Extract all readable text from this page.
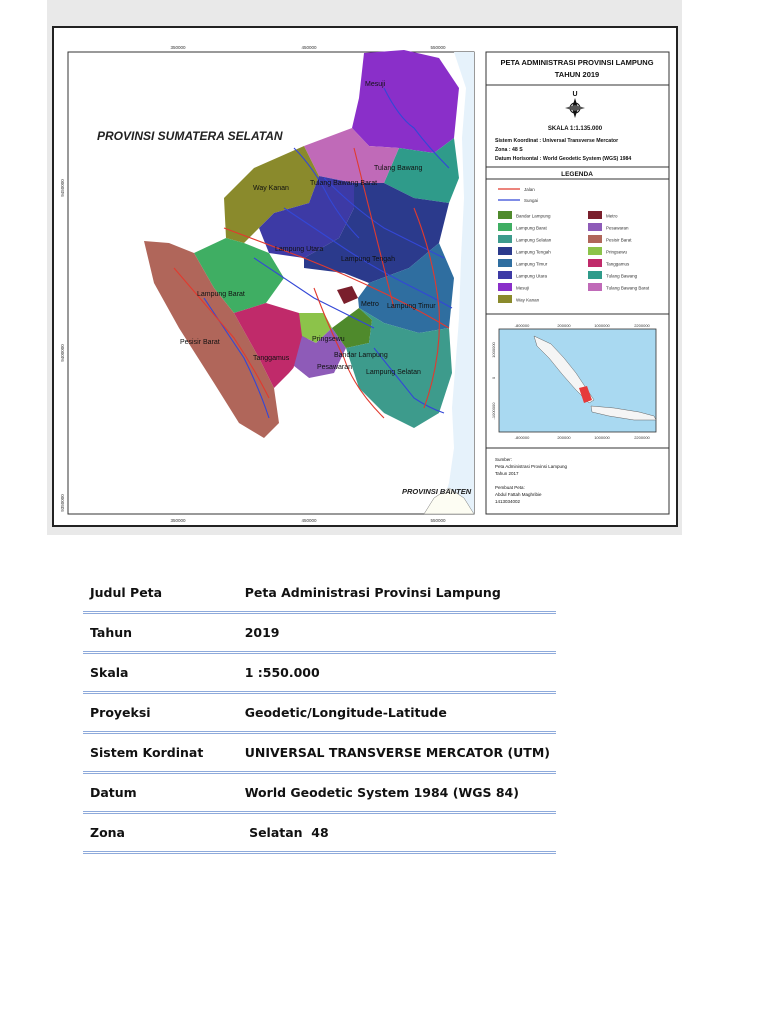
350000	450000	550000
350000	450000	550000
9450000
9400000
9350000
PROVINSI SUMATERA SELATAN
PROVINSI BANTEN
Mesuji
Tulang Bawang
Tulang Bawang Barat
Way Kanan
Lampung Utara
Lampung Tengah
Lampung Barat
Metro Lampung Timur
Pesisir Barat	Pringsewu
Tanggamus	Bandar Lampung
Pesawaran
Lampung Selatan
PETA ADMINISTRASI PROVINSI LAMPUNG
TAHUN 2019
U
SKALA 1:1.135.000
Sistem Koordinat : Universal Transverse Mercator
Zona : 48 S
Datum Horisontal : World Geodetic System (WGS) 1984
LEGENDA
Jalan
Sungai
Bandar Lampung
Lampung Barat
Lampung Selatan
Lampung Tengah
Lampung Timur
Lampung Utara
Mesuji
Way Kanan
Metro
Pesawaran
Pesisir Barat
Pringsewu
Tanggamus
Tulang Bawang
Tulang Bawang Barat
-800000	200000	1000000	2200000
-800000	200000	1000000	2200000
1000000
0
-1000000
Sumber:
Peta Administrasi Provinsi Lampung
Tahun 2017
Pembuat Peta:
Abdul Fattah Maghribie
1413034002
Judul Peta	Peta Administrasi Provinsi Lampung
Tahun	2019
Skala	1 :550.000
Proyeksi	Geodetic/Longitude-Latitude
Sistem Kordinat	UNIVERSAL TRANSVERSE MERCATOR (UTM)
Datum	World Geodetic System 1984 (WGS 84)
Zona	Selatan  48
